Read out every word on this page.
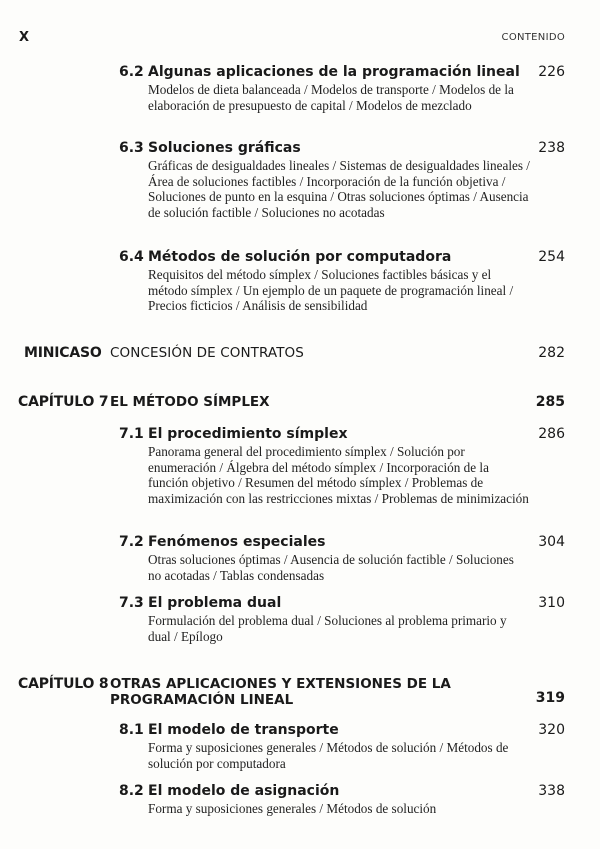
X	CONTENIDO
6.2 Algunas aplicaciones de la programación lineal 226
Modelos de dieta balanceada / Modelos de transporte / Modelos de la elaboración de presupuesto de capital / Modelos de mezclado
6.3 Soluciones gráficas	238
Gráficas de desigualdades lineales / Sistemas de desigualdades lineales / Área de soluciones factibles / Incorporación de la función objetiva / Soluciones de punto en la esquina / Otras soluciones óptimas / Ausencia de solución factible / Soluciones no acotadas
6.4 Métodos de solución por computadora	254
Requisitos del método símplex / Soluciones factibles básicas y el método símplex / Un ejemplo de un paquete de programación lineal / Precios ficticios / Análisis de sensibilidad
MINICASO CONCESIÓN DE CONTRATOS	282
CAPÍTULO 7 EL MÉTODO SÍMPLEX	285
7.1 El procedimiento símplex	286
Panorama general del procedimiento símplex / Solución por enumeración / Álgebra del método símplex / Incorporación de la función objetivo / Resumen del método símplex / Problemas de maximización con las restricciones mixtas / Problemas de minimización
7.2 Fenómenos especiales	304
Otras soluciones óptimas / Ausencia de solución factible / Soluciones no acotadas / Tablas condensadas
7.3 El problema dual	310
Formulación del problema dual / Soluciones al problema primario y dual / Epílogo
CAPÍTULO 8 OTRAS APLICACIONES Y EXTENSIONES DE LA
PROGRAMACIÓN LINEAL	319
8.1 El modelo de transporte	320
Forma y suposiciones generales / Métodos de solución / Métodos de solución por computadora
8.2 El modelo de asignación	338
Forma y suposiciones generales / Métodos de solución
